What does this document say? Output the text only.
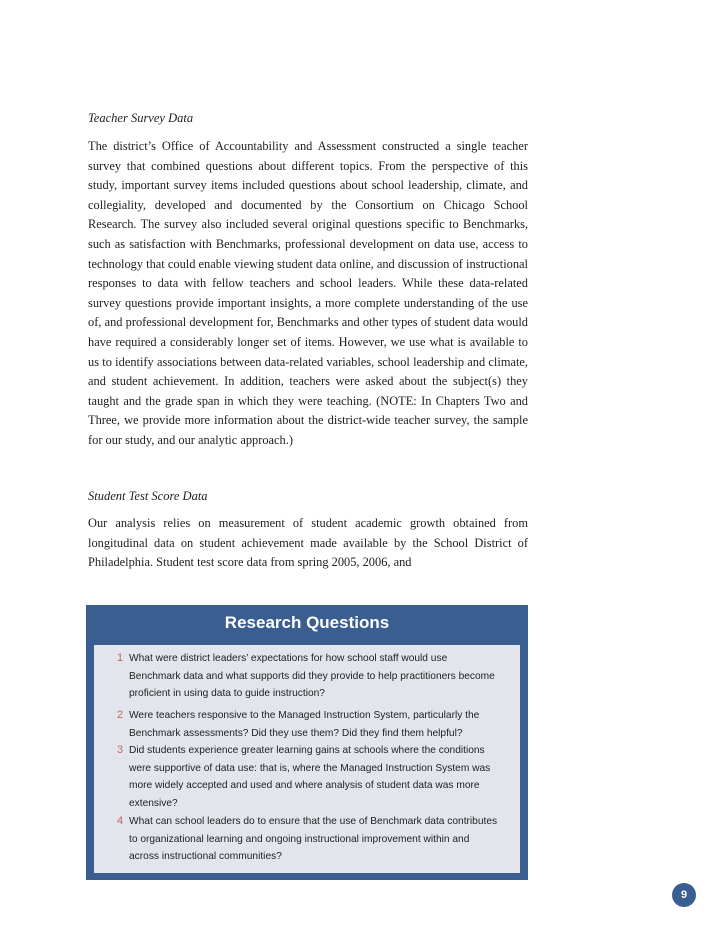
Teacher Survey Data
The district’s Office of Accountability and Assessment constructed a single teacher survey that combined questions about different topics. From the perspective of this study, important survey items included questions about school leadership, climate, and collegiality, developed and documented by the Consortium on Chicago School Research. The survey also included several original questions specific to Benchmarks, such as satisfaction with Benchmarks, professional development on data use, access to technology that could enable viewing student data online, and discussion of instructional responses to data with fellow teachers and school leaders. While these data-related survey questions provide important insights, a more complete understanding of the use of, and professional development for, Benchmarks and other types of student data would have required a considerably longer set of items. However, we use what is available to us to identify associations between data-related variables, school leadership and climate, and student achievement. In addition, teachers were asked about the subject(s) they taught and the grade span in which they were teaching. (NOTE: In Chapters Two and Three, we provide more information about the district-wide teacher survey, the sample for our study, and our analytic approach.)
Student Test Score Data
Our analysis relies on measurement of student academic growth obtained from longitudinal data on student achievement made available by the School District of Philadelphia. Student test score data from spring 2005, 2006, and
Research Questions
1 What were district leaders’ expectations for how school staff would use Benchmark data and what supports did they provide to help practitioners become proficient in using data to guide instruction?
2 Were teachers responsive to the Managed Instruction System, particularly the Benchmark assessments? Did they use them? Did they find them helpful?
3 Did students experience greater learning gains at schools where the conditions were supportive of data use: that is, where the Managed Instruction System was more widely accepted and used and where analysis of student data was more extensive?
4 What can school leaders do to ensure that the use of Benchmark data contributes to organizational learning and ongoing instructional improvement within and across instructional communities?
9
